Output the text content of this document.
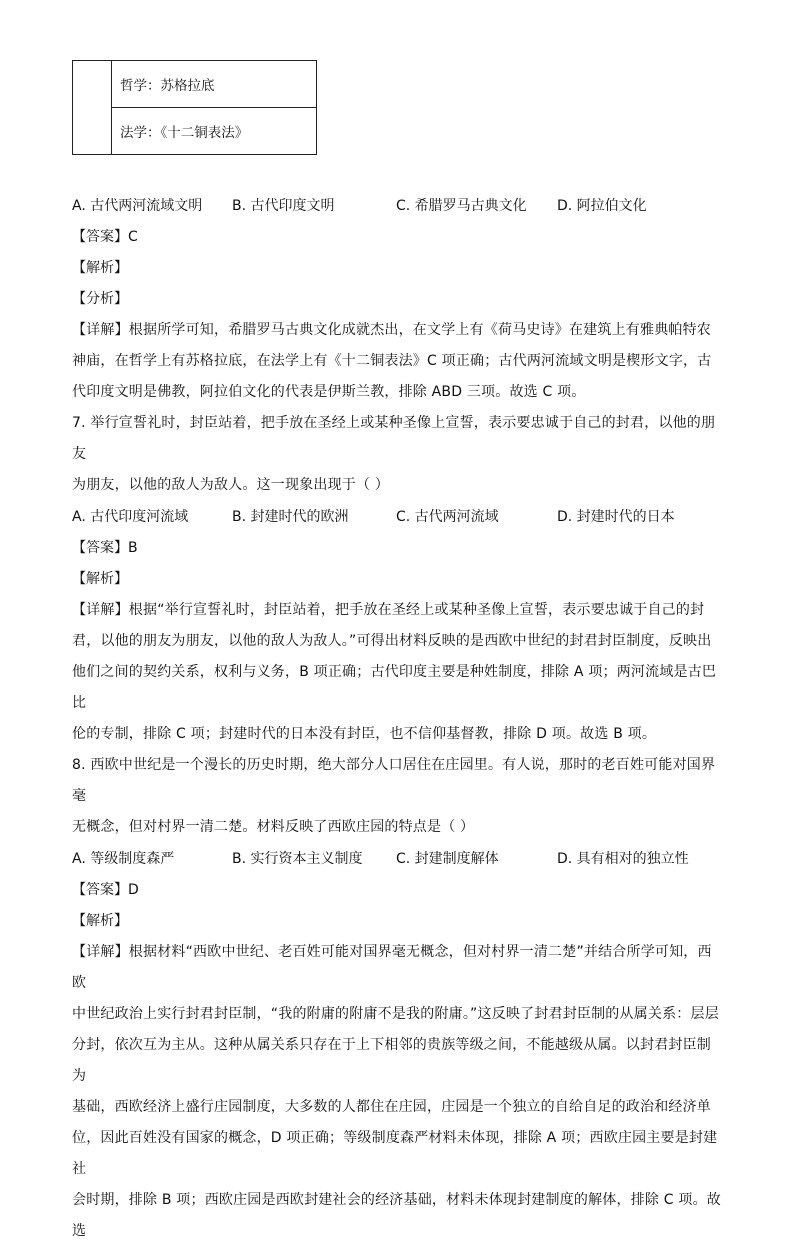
	哲学：苏格拉底
法学：《十二铜表法》
A. 古代两河流域文明	B. 古代印度文明	C. 希腊罗马古典文化	D. 阿拉伯文化

【答案】C

【解析】

【分析】

【详解】根据所学可知，希腊罗马古典文化成就杰出，在文学上有《荷马史诗》在建筑上有雅典帕特农

神庙，在哲学上有苏格拉底，在法学上有《十二铜表法》C 项正确；古代两河流域文明是楔形文字，古

代印度文明是佛教，阿拉伯文化的代表是伊斯兰教，排除 ABD 三项。故选 C 项。

7. 举行宣誓礼时，封臣站着，把手放在圣经上或某种圣像上宣誓，表示要忠诚于自己的封君，以他的朋友

为朋友，以他的敌人为敌人。这一现象出现于（ ）

A. 古代印度河流域	B. 封建时代的欧洲	C. 古代两河流域	D. 封建时代的日本

【答案】B

【解析】

【详解】根据“举行宣誓礼时，封臣站着，把手放在圣经上或某种圣像上宣誓，表示要忠诚于自己的封

君，以他的朋友为朋友，以他的敌人为敌人。”可得出材料反映的是西欧中世纪的封君封臣制度，反映出

他们之间的契约关系，权利与义务，B 项正确；古代印度主要是种姓制度，排除 A 项；两河流域是古巴比

伦的专制，排除 C 项；封建时代的日本没有封臣，也不信仰基督教，排除 D 项。故选 B 项。

8. 西欧中世纪是一个漫长的历史时期，绝大部分人口居住在庄园里。有人说，那时的老百姓可能对国界毫

无概念，但对村界一清二楚。材料反映了西欧庄园的特点是（ ）

A. 等级制度森严	B. 实行资本主义制度	C. 封建制度解体	D. 具有相对的独立性

【答案】D

【解析】

【详解】根据材料“西欧中世纪、老百姓可能对国界毫无概念，但对村界一清二楚”并结合所学可知，西欧

中世纪政治上实行封君封臣制，“我的附庸的附庸不是我的附庸。”这反映了封君封臣制的从属关系：层层

分封，依次互为主从。这种从属关系只存在于上下相邻的贵族等级之间，不能越级从属。以封君封臣制为

基础，西欧经济上盛行庄园制度，大多数的人都住在庄园，庄园是一个独立的自给自足的政治和经济单

位，因此百姓没有国家的概念，D 项正确；等级制度森严材料未体现，排除 A 项；西欧庄园主要是封建社

会时期，排除 B 项；西欧庄园是西欧封建社会的经济基础，材料未体现封建制度的解体，排除 C 项。故选
